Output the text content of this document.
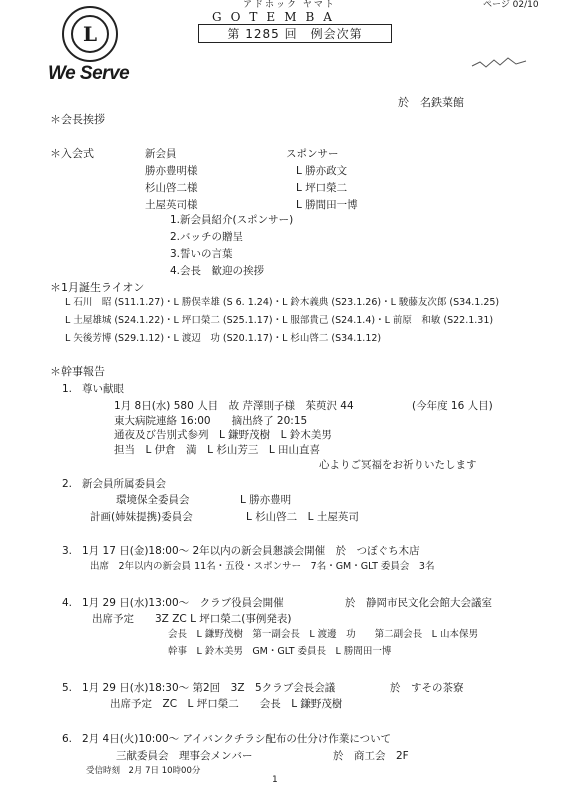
L
We Serve
アドホック ヤマト
GOTEMBA
第 1285 回　例会次第
ページ 02/10
於　名鉄菜館
＊会長挨拶
＊入会式	新会員	スポンサー
勝亦豊明様	L 勝亦政文
杉山啓二様	L 坪口榮二
土屋英司様	L 勝間田一博
1.新会員紹介(スポンサー)
2.バッチの贈呈
3.誓いの言葉
4.会長　歓迎の挨拶
＊1月誕生ライオン
L 石川　昭 (S11.1.27)・L 勝俣幸雄 (S 6. 1.24)・L 鈴木義典 (S23.1.26)・L 駿藤友次郎 (S34.1.25)
L 土屋雄城 (S24.1.22)・L 坪口榮二 (S25.1.17)・L 服部貴己 (S24.1.4)・L 前原　和敏 (S22.1.31)
L 矢後芳博 (S29.1.12)・L 渡辺　功 (S20.1.17)・L 杉山啓二 (S34.1.12)
＊幹事報告
1. 尊い献眼
1月 8日(水) 580 人目　故 芹澤則子様　茱萸沢 44	(今年度 16 人目)
東大病院連絡 16:00　　摘出終了 20:15
通夜及び告別式参列　L 鎌野茂樹　L 鈴木美男
担当　L 伊倉　満　L 杉山芳三　L 田山直喜
心よりご冥福をお祈りいたします
2. 新会員所属委員会
環境保全委員会	L 勝亦豊明
計画(姉妹提携)委員会	L 杉山啓二　L 土屋英司
3. 1月 17 日(金)18:00～ 2年以内の新会員懇談会開催　於　つぼぐち木店
出席　2年以内の新会員 11名・五役・スポンサー　7名・GM・GLT 委員会　3名
4. 1月 29 日(水)13:00～　クラブ役員会開催	於　静岡市民文化会館大会議室
出席予定　　3Z ZC L 坪口榮二(事例発表)
会長　L 鎌野茂樹　第一副会長　L 渡邊　功　　第二副会長　L 山本保男
幹事　L 鈴木美男　GM・GLT 委員長　L 勝間田一博
5. 1月 29 日(水)18:30～ 第2回　3Z　5クラブ会長会議	於　すその茶寮
出席予定　ZC　L 坪口榮二　　会長　L 鎌野茂樹
6. 2月 4日(火)10:00～ アイバンクチラシ配布の仕分け作業について
三献委員会　理事会メンバー	於　商工会　2F
受信時刻　2月 7日 10時00分
1
